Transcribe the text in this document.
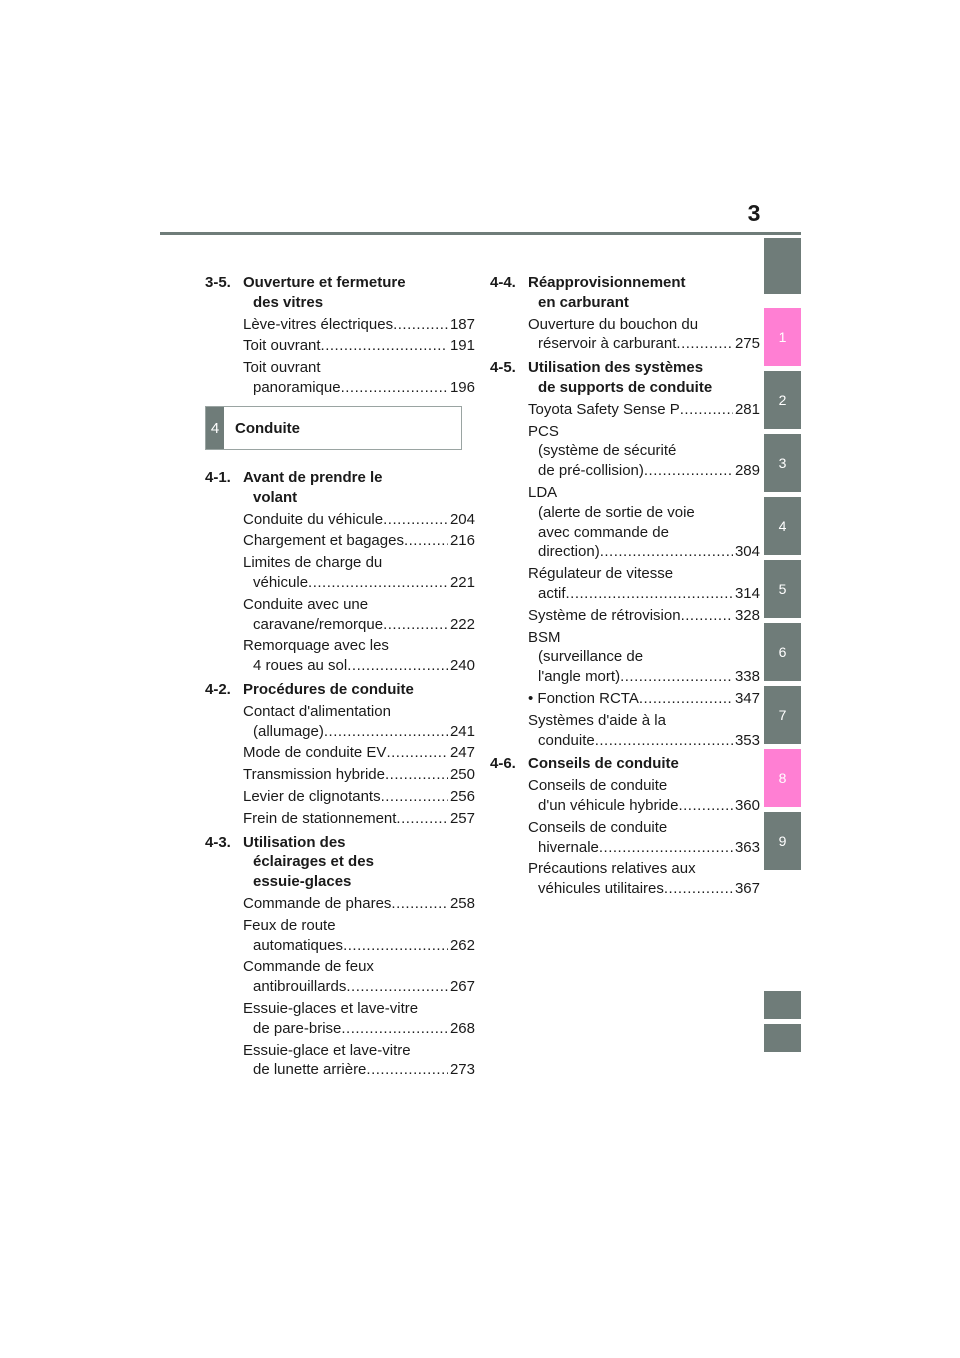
3
1
2
3
4
5
6
7
8
9
3-5. Ouverture et fermeture
des vitres
Lève-vitres électriques .....	187
Toit ouvrant .....	191
Toit ouvrant
panoramique .....	196
4	Conduite
4-1. Avant de prendre le
volant
Conduite du véhicule .....	204
Chargement et bagages .....	216
Limites de charge du
véhicule .....	221
Conduite avec une
caravane/remorque .....	222
Remorquage avec les
4 roues au sol .....	240
4-2. Procédures de conduite
Contact d'alimentation
(allumage) .....	241
Mode de conduite EV .....	247
Transmission hybride .....	250
Levier de clignotants .....	256
Frein de stationnement .....	257
4-3. Utilisation des
éclairages et des
essuie-glaces
Commande de phares .....	258
Feux de route
automatiques .....	262
Commande de feux
antibrouillards .....	267
Essuie-glaces et lave-vitre
de pare-brise .....	268
Essuie-glace et lave-vitre
de lunette arrière .....	273
4-4. Réapprovisionnement
en carburant
Ouverture du bouchon du
réservoir à carburant .....	275
4-5. Utilisation des systèmes
de supports de conduite
Toyota Safety Sense P .....	281
PCS
(système de sécurité
de pré-collision) .....	289
LDA
(alerte de sortie de voie
avec commande de
direction) .....	304
Régulateur de vitesse
actif .....	314
Système de rétrovision .....	328
BSM
(surveillance de
l'angle mort) .....	338
• Fonction RCTA .....	347
Systèmes d'aide à la
conduite .....	353
4-6. Conseils de conduite
Conseils de conduite
d'un véhicule hybride .....	360
Conseils de conduite
hivernale .....	363
Précautions relatives aux
véhicules utilitaires .....	367
